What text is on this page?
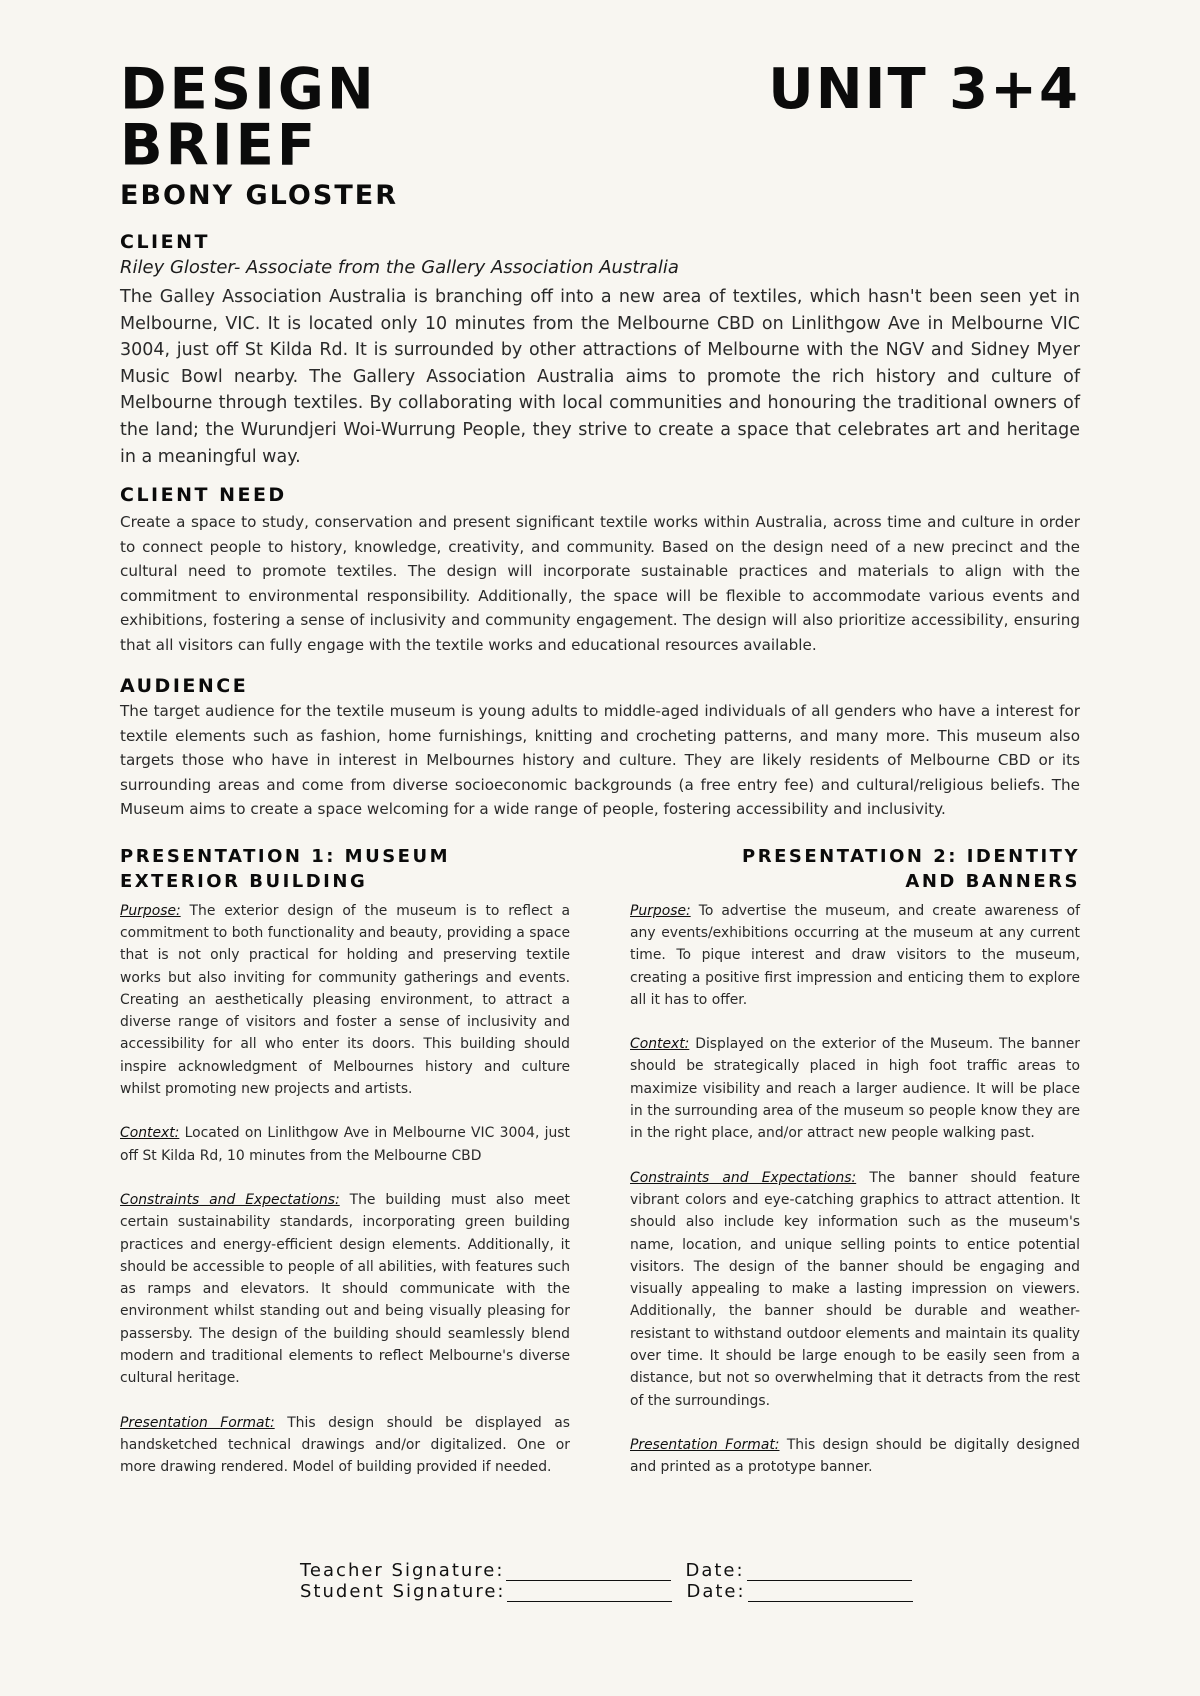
DESIGN
BRIEF
UNIT 3+4
EBONY GLOSTER
CLIENT
Riley Gloster- Associate from the Gallery Association Australia

The Galley Association Australia is branching off into a new area of textiles, which hasn't been seen yet in Melbourne, VIC. It is located only 10 minutes from the Melbourne CBD on Linlithgow Ave in Melbourne VIC 3004, just off St Kilda Rd. It is surrounded by other attractions of Melbourne with the NGV and Sidney Myer Music Bowl nearby. The Gallery Association Australia aims to promote the rich history and culture of Melbourne through textiles. By collaborating with local communities and honouring the traditional owners of the land; the Wurundjeri Woi-Wurrung People, they strive to create a space that celebrates art and heritage in a meaningful way.

CLIENT NEED

Create a space to study, conservation and present significant textile works within Australia, across time and culture in order to connect people to history, knowledge, creativity, and community. Based on the design need of a new precinct and the cultural need to promote textiles. The design will incorporate sustainable practices and materials to align with the commitment to environmental responsibility. Additionally, the space will be flexible to accommodate various events and exhibitions, fostering a sense of inclusivity and community engagement. The design will also prioritize accessibility, ensuring that all visitors can fully engage with the textile works and educational resources available.

AUDIENCE

The target audience for the textile museum is young adults to middle-aged individuals of all genders who have a interest for textile elements such as fashion, home furnishings, knitting and crocheting patterns, and many more. This museum also targets those who have in interest in Melbournes history and culture. They are likely residents of Melbourne CBD or its surrounding areas and come from diverse socioeconomic backgrounds (a free entry fee) and cultural/religious beliefs. The Museum aims to create a space welcoming for a wide range of people, fostering accessibility and inclusivity.

PRESENTATION 1: MUSEUM
EXTERIOR BUILDING

Purpose: The exterior design of the museum is to reflect a commitment to both functionality and beauty, providing a space that is not only practical for holding and preserving textile works but also inviting for community gatherings and events. Creating an aesthetically pleasing environment, to attract a diverse range of visitors and foster a sense of inclusivity and accessibility for all who enter its doors. This building should inspire acknowledgment of Melbournes history and culture whilst promoting new projects and artists.

Context: Located on Linlithgow Ave in Melbourne VIC 3004, just off St Kilda Rd, 10 minutes from the Melbourne CBD

Constraints and Expectations: The building must also meet certain sustainability standards, incorporating green building practices and energy-efficient design elements. Additionally, it should be accessible to people of all abilities, with features such as ramps and elevators. It should communicate with the environment whilst standing out and being visually pleasing for passersby. The design of the building should seamlessly blend modern and traditional elements to reflect Melbourne's diverse cultural heritage.

Presentation Format: This design should be displayed as handsketched technical drawings and/or digitalized. One or more drawing rendered. Model of building provided if needed.

PRESENTATION 2: IDENTITY
AND BANNERS

Purpose: To advertise the museum, and create awareness of any events/exhibitions occurring at the museum at any current time. To pique interest and draw visitors to the museum, creating a positive first impression and enticing them to explore all it has to offer.

Context: Displayed on the exterior of the Museum. The banner should be strategically placed in high foot traffic areas to maximize visibility and reach a larger audience. It will be place in the surrounding area of the museum so people know they are in the right place, and/or attract new people walking past.

Constraints and Expectations: The banner should feature vibrant colors and eye-catching graphics to attract attention. It should also include key information such as the museum's name, location, and unique selling points to entice potential visitors. The design of the banner should be engaging and visually appealing to make a lasting impression on viewers. Additionally, the banner should be durable and weather-resistant to withstand outdoor elements and maintain its quality over time. It should be large enough to be easily seen from a distance, but not so overwhelming that it detracts from the rest of the surroundings.

Presentation Format: This design should be digitally designed and printed as a prototype banner.

Teacher Signature:	Date:
Student Signature:	Date:
